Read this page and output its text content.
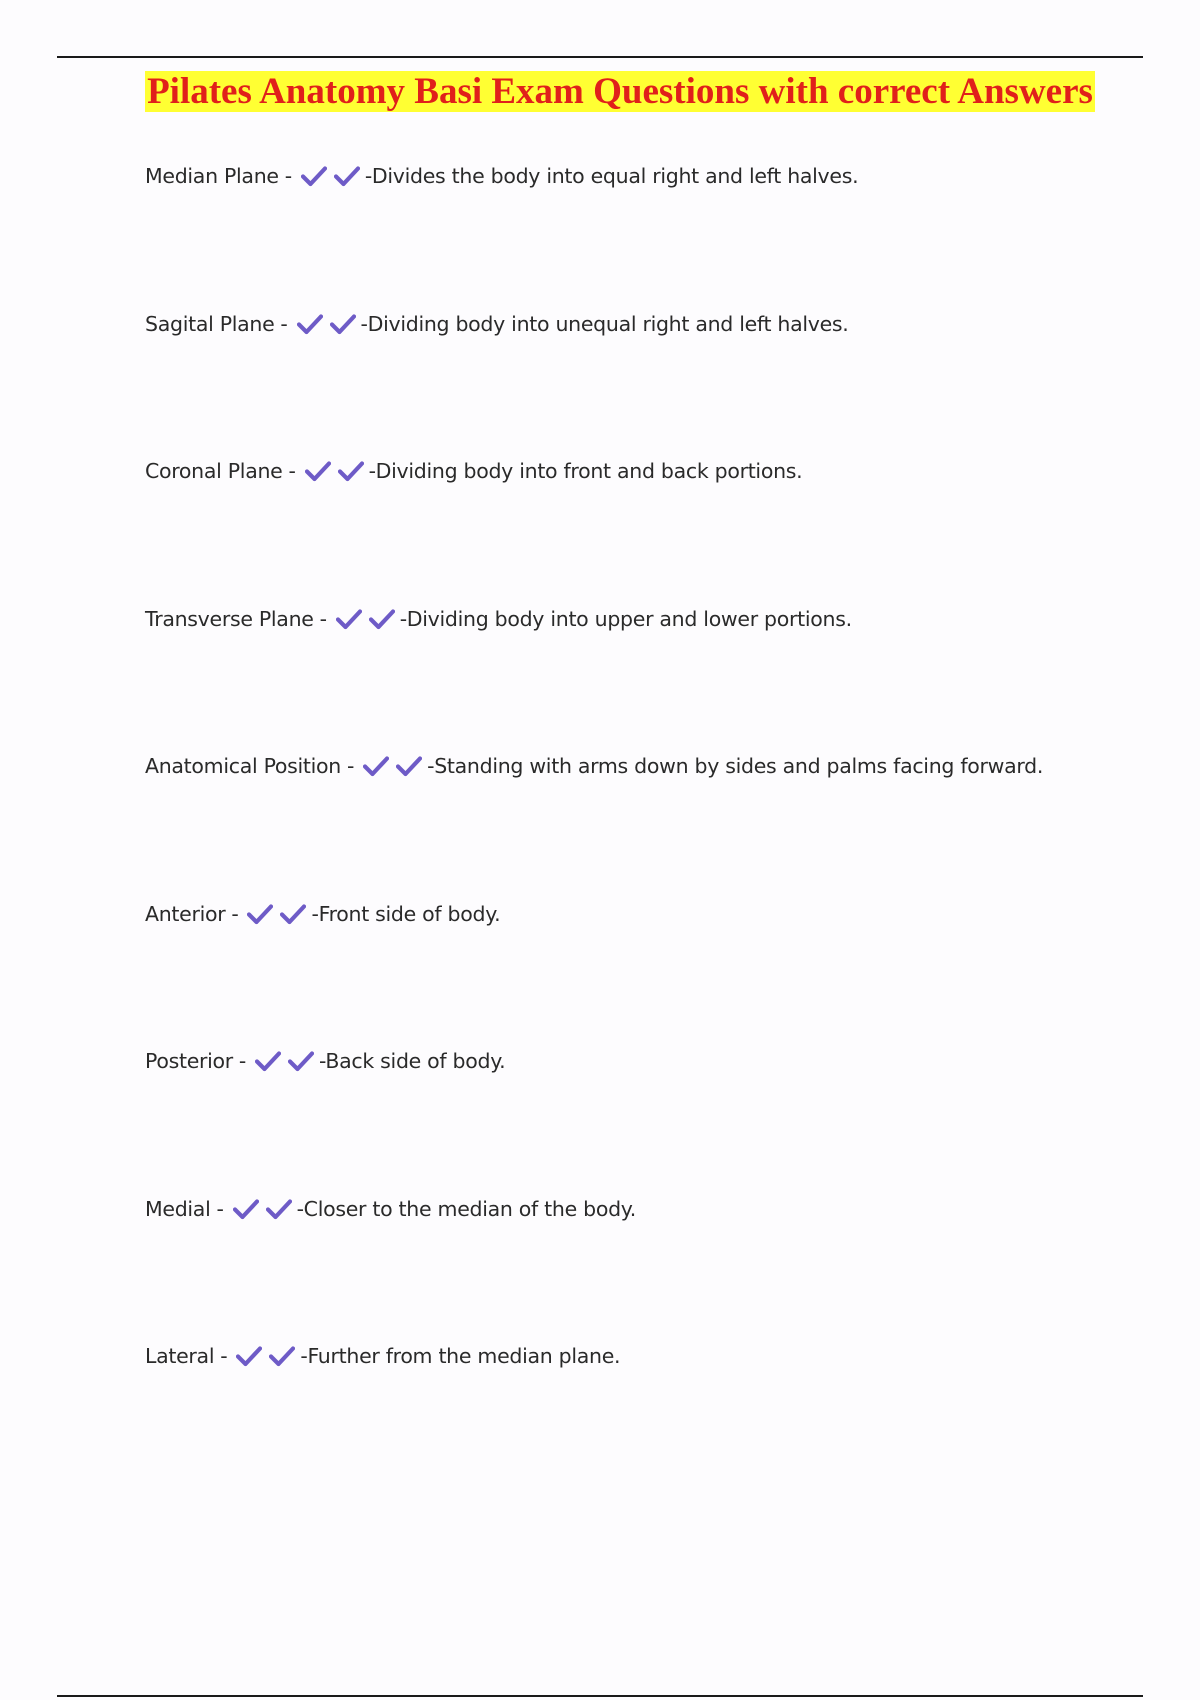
Pilates Anatomy Basi Exam Questions with correct Answers
Median Plane -	-Divides the body into equal right and left halves.
Sagital Plane -	-Dividing body into unequal right and left halves.
Coronal Plane -	-Dividing body into front and back portions.
Transverse Plane -	-Dividing body into upper and lower portions.
Anatomical Position -	-Standing with arms down by sides and palms facing forward.
Anterior -	-Front side of body.
Posterior -	-Back side of body.
Medial -	-Closer to the median of the body.
Lateral -	-Further from the median plane.
